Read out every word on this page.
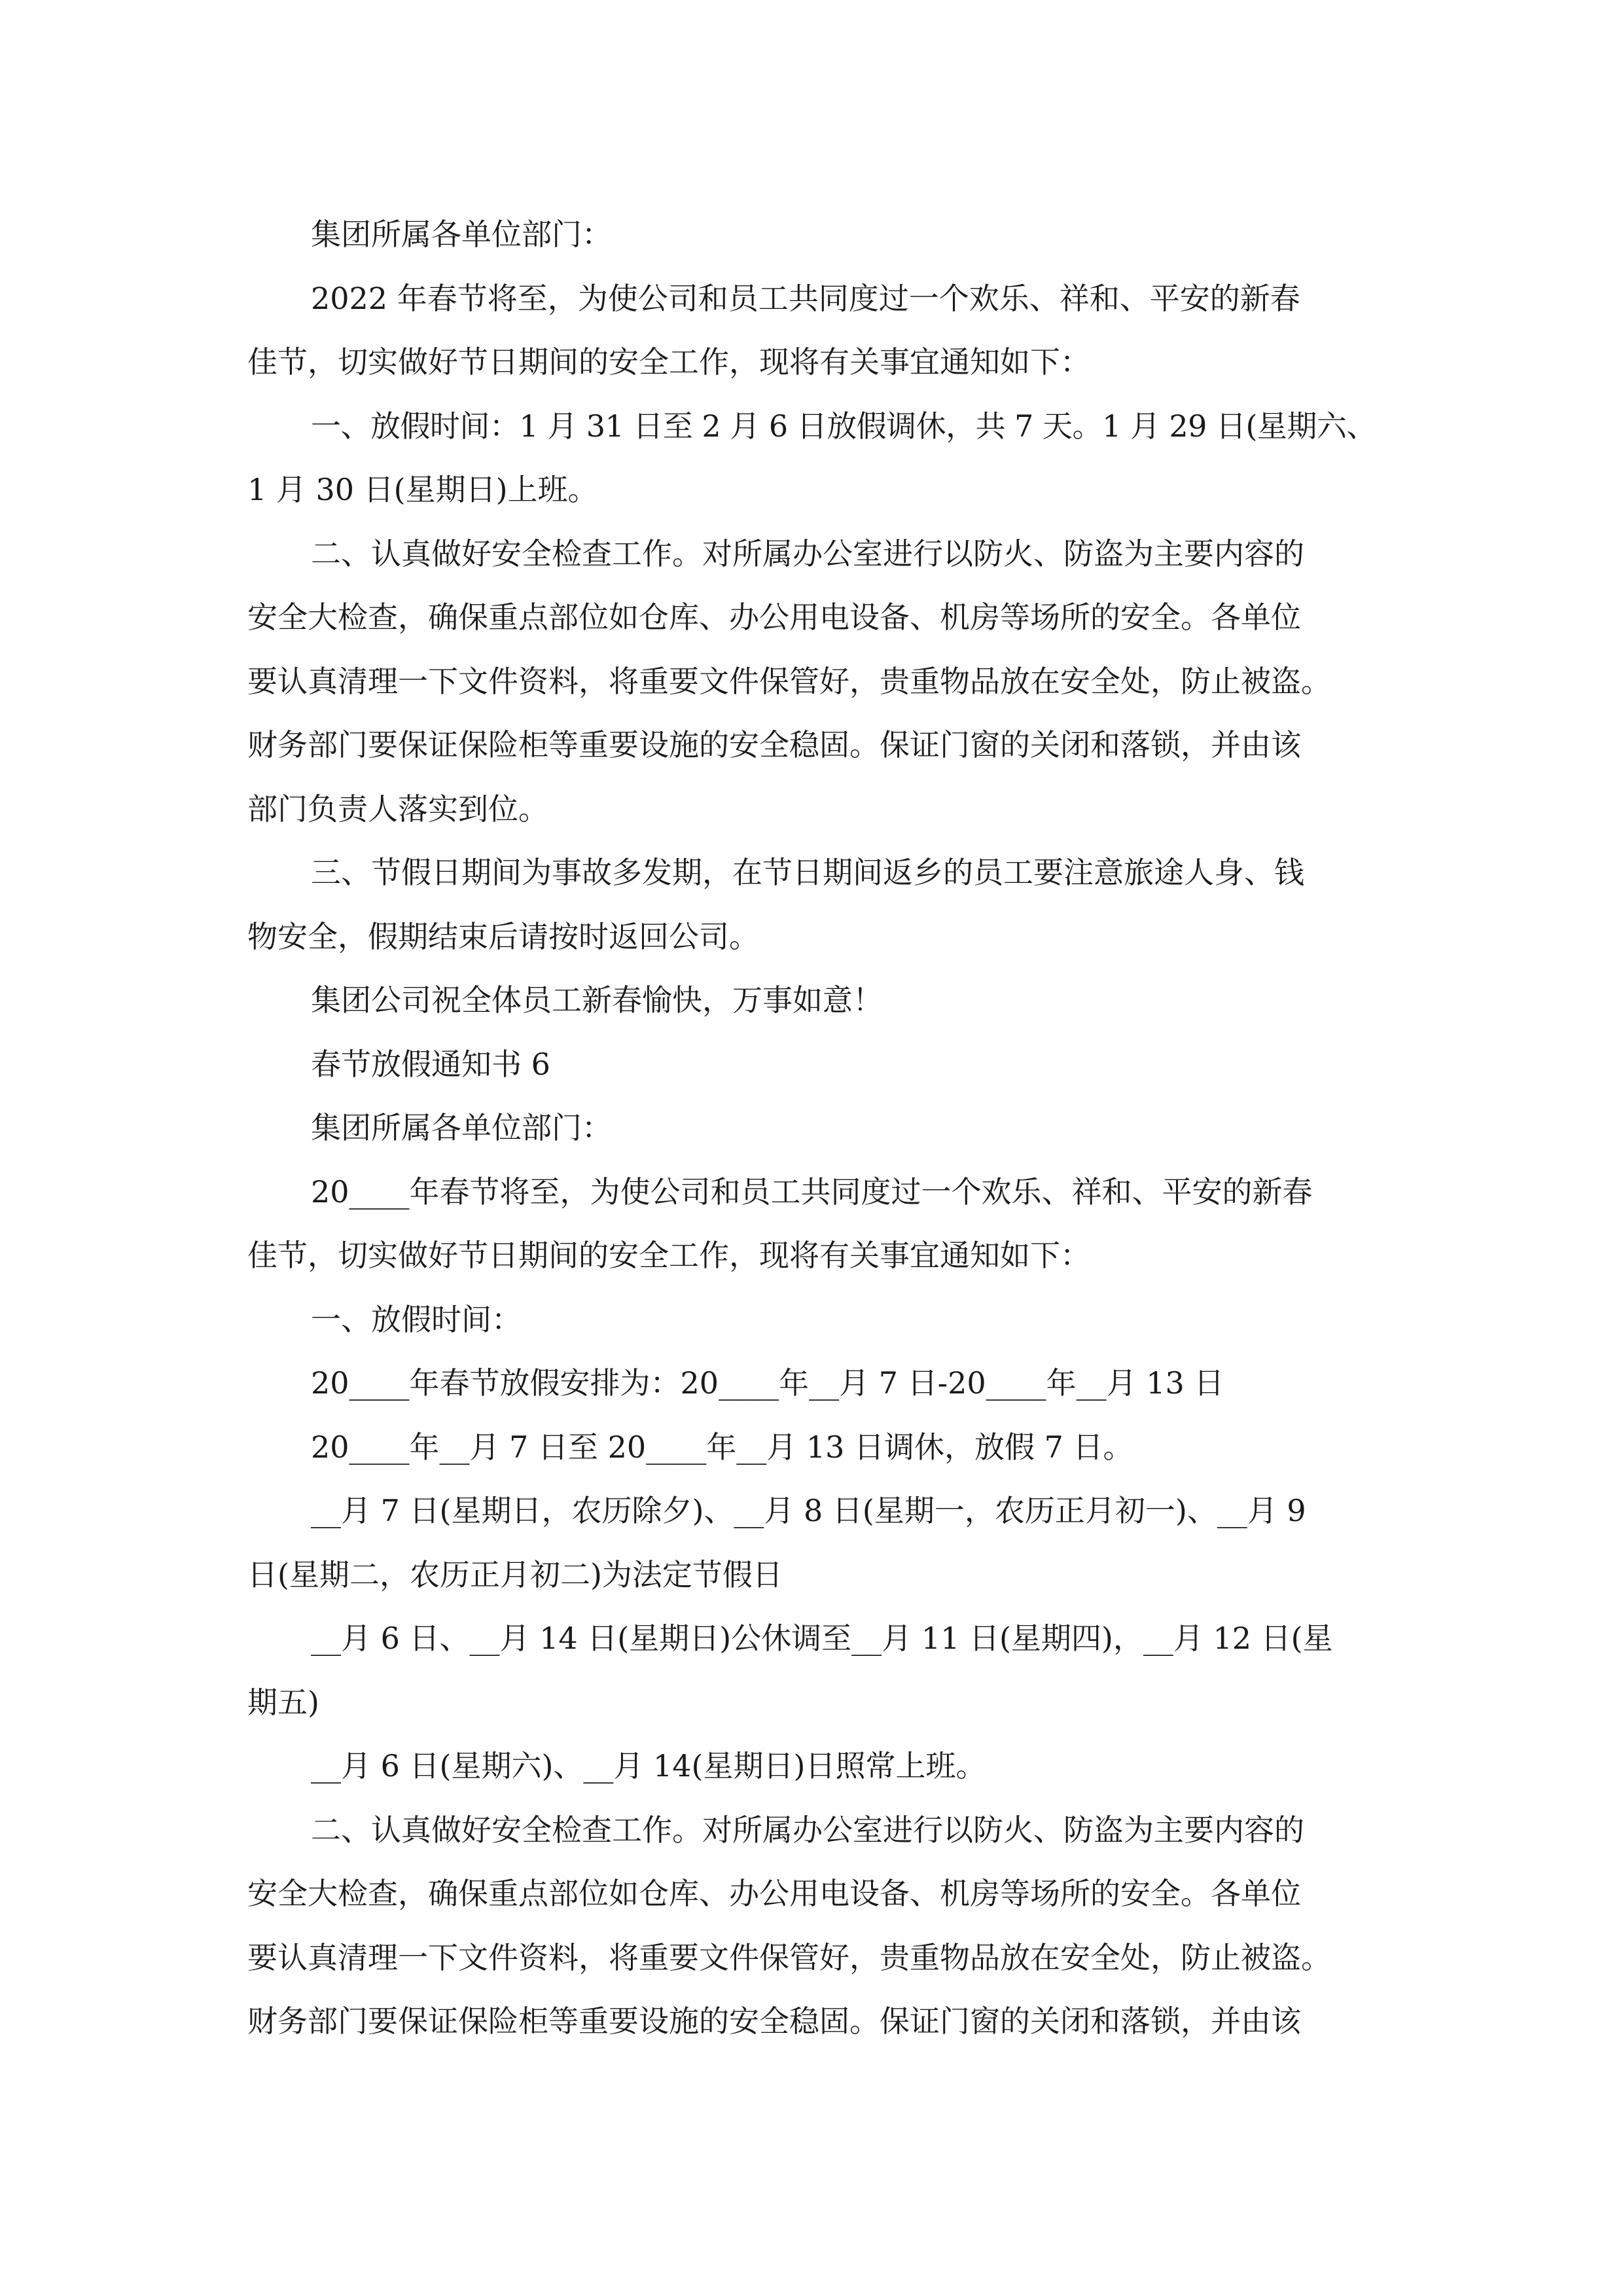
集团所属各单位部门：
2022 年春节将至，为使公司和员工共同度过一个欢乐、祥和、平安的新春
佳节，切实做好节日期间的安全工作，现将有关事宜通知如下：
一、放假时间：1 月 31 日至 2 月 6 日放假调休，共 7 天。1 月 29 日(星期六、
1 月 30 日(星期日)上班。
二、认真做好安全检查工作。对所属办公室进行以防火、防盗为主要内容的
安全大检查，确保重点部位如仓库、办公用电设备、机房等场所的安全。各单位
要认真清理一下文件资料，将重要文件保管好，贵重物品放在安全处，防止被盗。
财务部门要保证保险柜等重要设施的安全稳固。保证门窗的关闭和落锁，并由该
部门负责人落实到位。
三、节假日期间为事故多发期，在节日期间返乡的员工要注意旅途人身、钱
物安全，假期结束后请按时返回公司。
集团公司祝全体员工新春愉快，万事如意！
春节放假通知书 6
集团所属各单位部门：
20____年春节将至，为使公司和员工共同度过一个欢乐、祥和、平安的新春
佳节，切实做好节日期间的安全工作，现将有关事宜通知如下：
一、放假时间：
20____年春节放假安排为：20____年__月 7 日-20____年__月 13 日
20____年__月 7 日至 20____年__月 13 日调休，放假 7 日。
__月 7 日(星期日，农历除夕)、__月 8 日(星期一，农历正月初一)、__月 9
日(星期二，农历正月初二)为法定节假日
__月 6 日、__月 14 日(星期日)公休调至__月 11 日(星期四)，__月 12 日(星
期五)
__月 6 日(星期六)、__月 14(星期日)日照常上班。
二、认真做好安全检查工作。对所属办公室进行以防火、防盗为主要内容的
安全大检查，确保重点部位如仓库、办公用电设备、机房等场所的安全。各单位
要认真清理一下文件资料，将重要文件保管好，贵重物品放在安全处，防止被盗。
财务部门要保证保险柜等重要设施的安全稳固。保证门窗的关闭和落锁，并由该
